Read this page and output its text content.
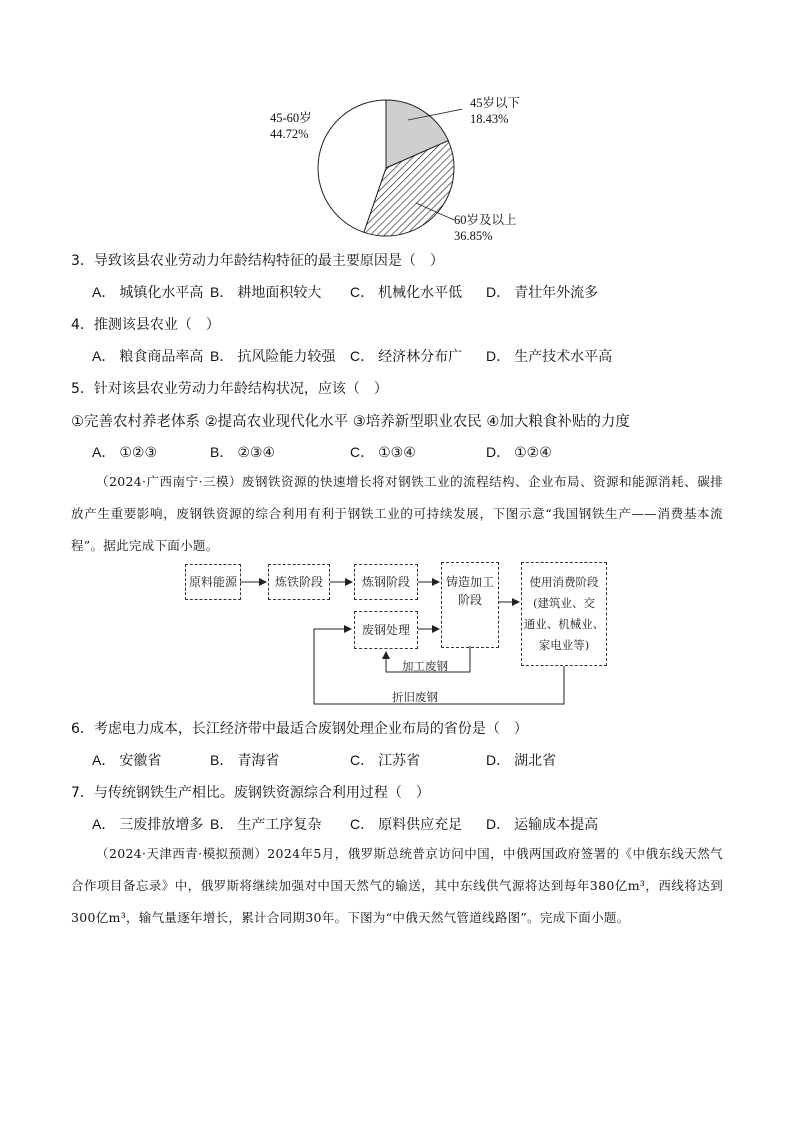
45-60岁
44.72%
45岁以下
18.43%
60岁及以上
36.85%
3．导致该县农业劳动力年龄结构特征的最主要原因是（　）
A． 城镇化水平高 B． 耕地面积较大 C． 机械化水平低 D． 青壮年外流多
4．推测该县农业（　）
A． 粮食商品率高 B． 抗风险能力较强 C． 经济林分布广 D． 生产技术水平高
5．针对该县农业劳动力年龄结构状况，应该（　）
①完善农村养老体系 ②提高农业现代化水平 ③培养新型职业农民 ④加大粮食补贴的力度
A． ①②③	B． ②③④	C． ①③④	D． ①②④
（2024·广西南宁·三模）废钢铁资源的快速增长将对钢铁工业的流程结构、企业布局、资源和能源消耗、碳排放产生重要影响，废钢铁资源的综合利用有利于钢铁工业的可持续发展，下图示意“我国钢铁生产——消费基本流程”。据此完成下面小题。
原料能源	炼铁阶段	炼钢阶段	铸造加工
阶段
废钢处理
使用消费阶段
(建筑业、交
通业、机械业、
家电业等)
加工废钢
折旧废钢
6．考虑电力成本，长江经济带中最适合废钢处理企业布局的省份是（　）
A． 安徽省	B． 青海省	C． 江苏省	D． 湖北省
7．与传统钢铁生产相比。废钢铁资源综合利用过程（　）
A． 三废排放增多 B． 生产工序复杂 C． 原料供应充足 D． 运输成本提高
（2024·天津西青·模拟预测）2024年5月，俄罗斯总统普京访问中国，中俄两国政府签署的《中俄东线天然气合作项目备忘录》中，俄罗斯将继续加强对中国天然气的输送，其中东线供气源将达到每年380亿m³，西线将达到300亿m³，输气量逐年增长，累计合同期30年。下图为“中俄天然气管道线路图”。完成下面小题。
